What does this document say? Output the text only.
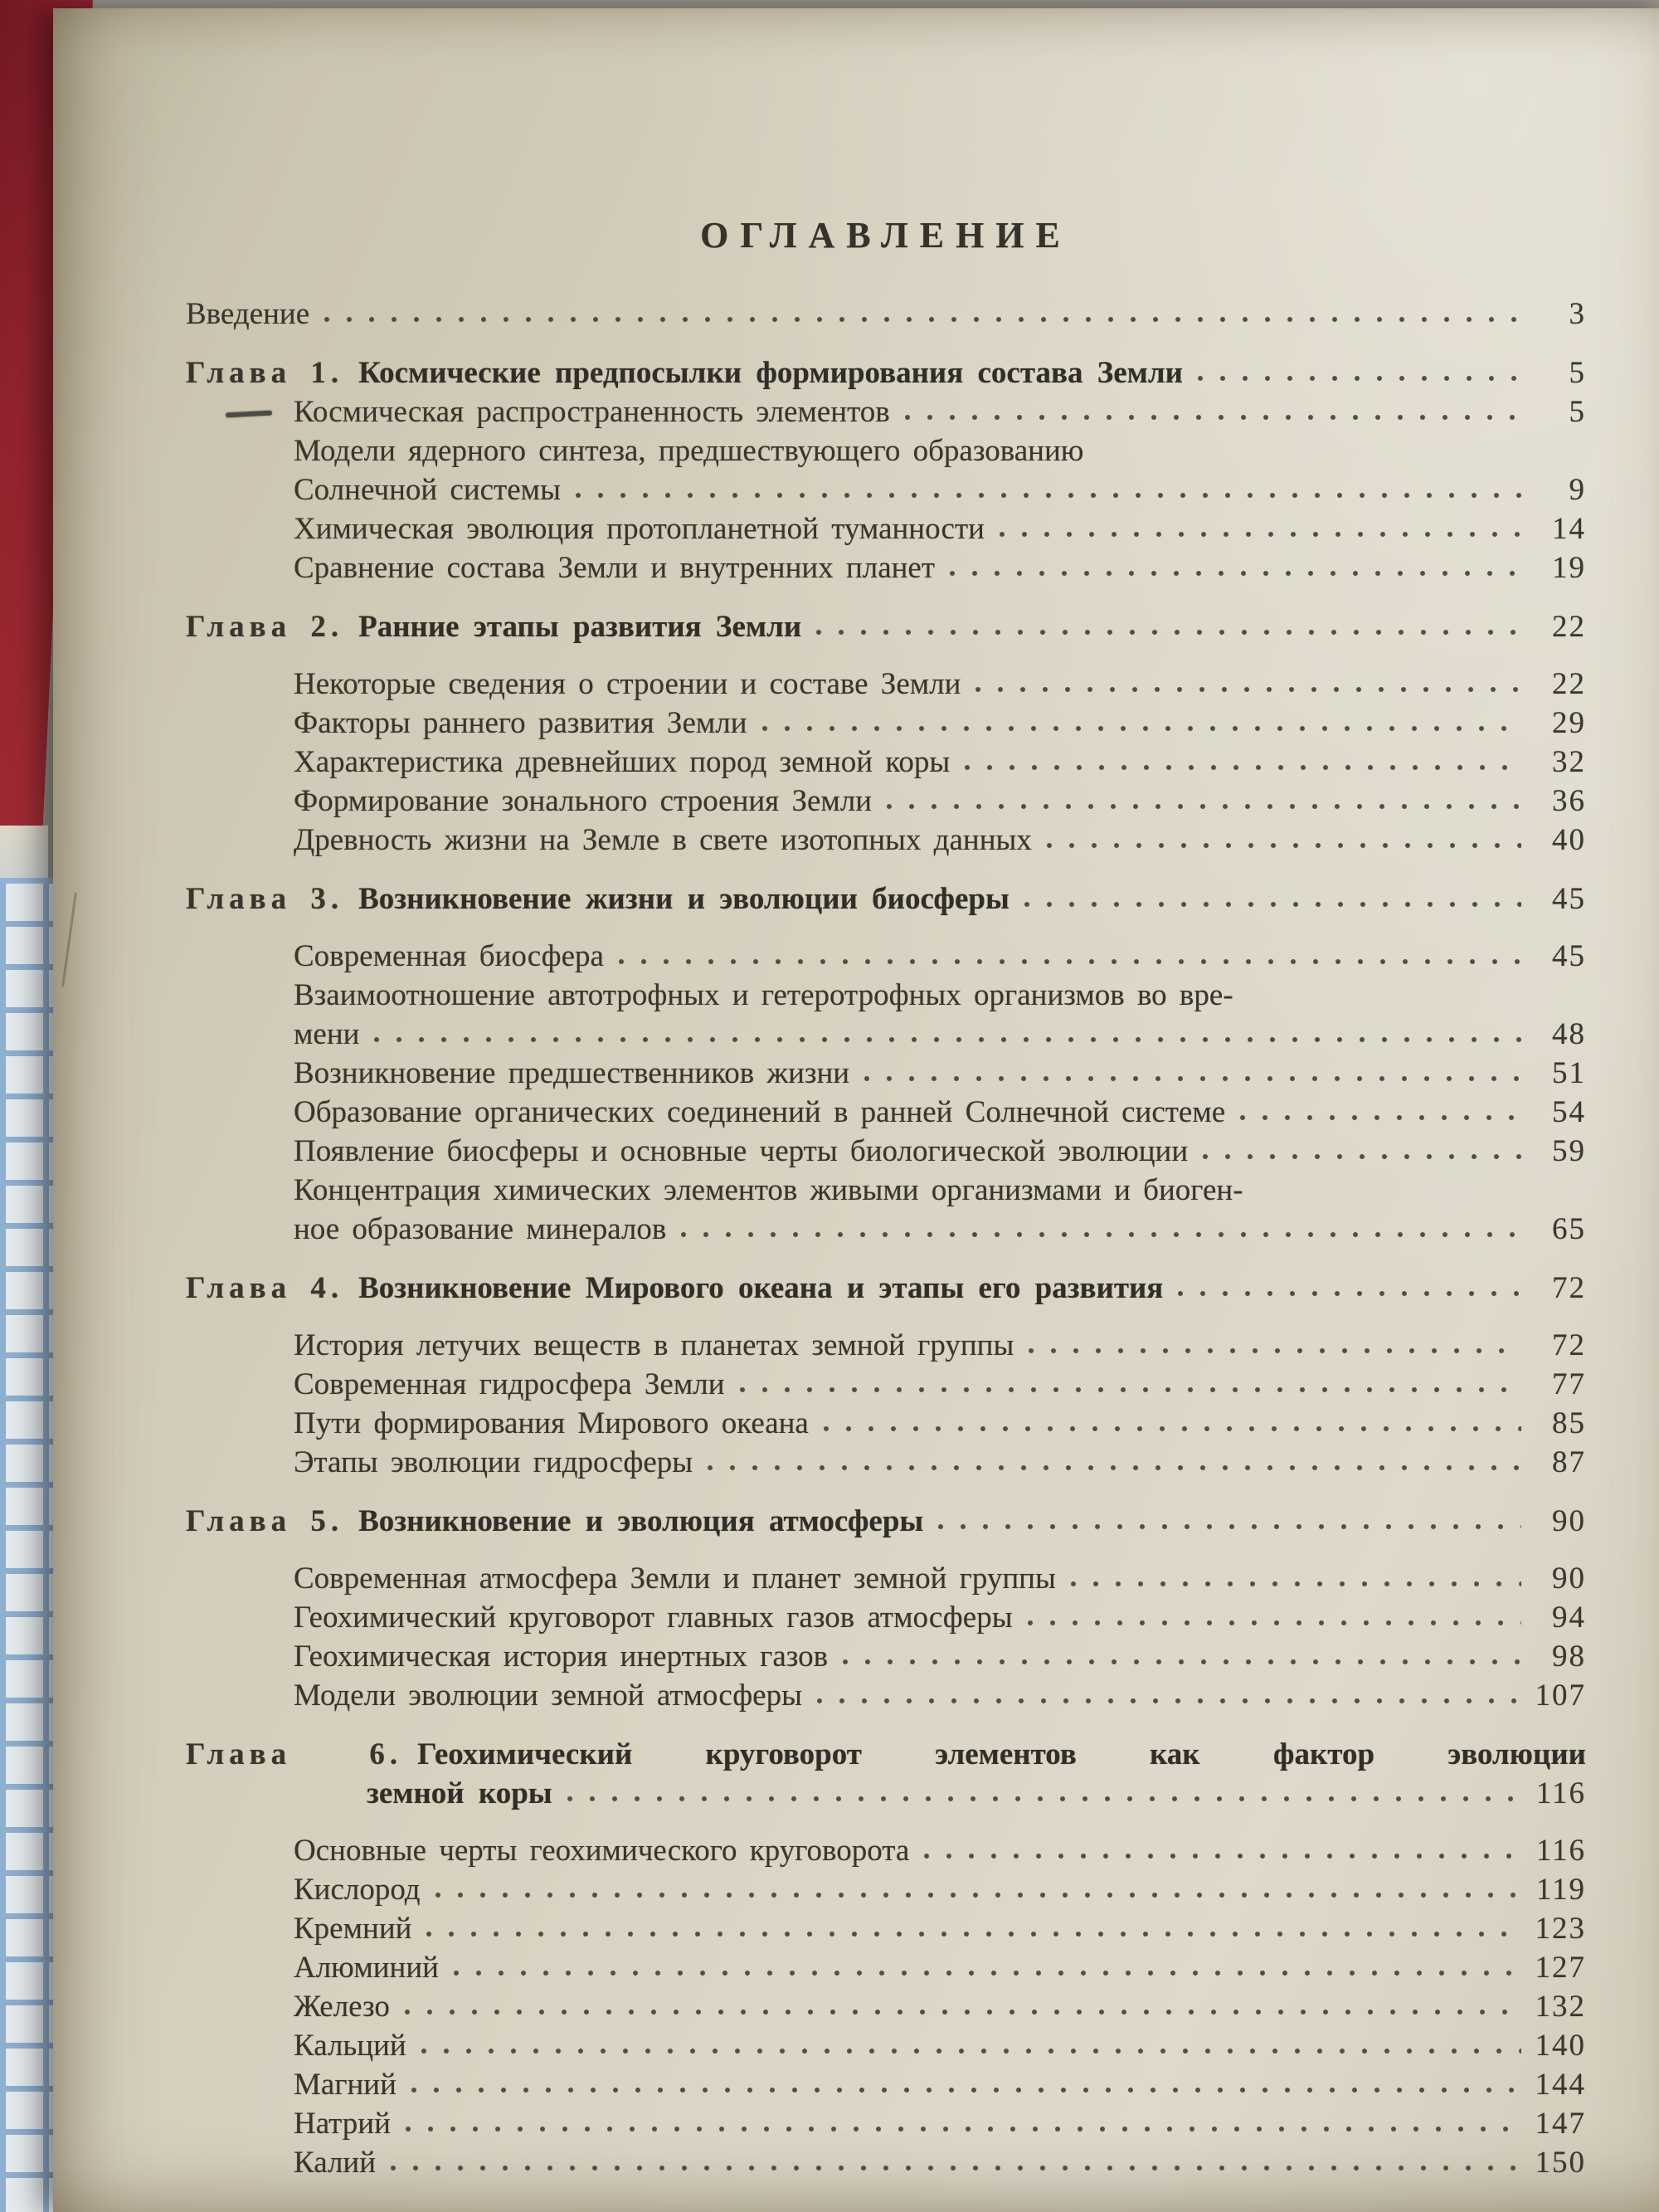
ОГЛАВЛЕНИЕ
Введение	3
Глава 1. Космические предпосылки формирования состава Земли	5
Космическая распространенность элементов	5
Модели ядерного синтеза, предшествующего образованию
Солнечной системы	9
Химическая эволюция протопланетной туманности	14
Сравнение состава Земли и внутренних планет	19
Глава 2. Ранние этапы развития Земли	22
Некоторые сведения о строении и составе Земли	22
Факторы раннего развития Земли	29
Характеристика древнейших пород земной коры	32
Формирование зонального строения Земли	36
Древность жизни на Земле в свете изотопных данных	40
Глава 3. Возникновение жизни и эволюции биосферы	45
Современная биосфера	45
Взаимоотношение автотрофных и гетеротрофных организмов во вре-
мени	48
Возникновение предшественников жизни	51
Образование органических соединений в ранней Солнечной системе	54
Появление биосферы и основные черты биологической эволюции	59
Концентрация химических элементов живыми организмами и биоген-
ное образование минералов	65
Глава 4. Возникновение Мирового океана и этапы его развития	72
История летучих веществ в планетах земной группы	72
Современная гидросфера Земли	77
Пути формирования Мирового океана	85
Этапы эволюции гидросферы	87
Глава 5. Возникновение и эволюция атмосферы	90
Современная атмосфера Земли и планет земной группы	90
Геохимический круговорот главных газов атмосферы	94
Геохимическая история инертных газов	98
Модели эволюции земной атмосферы	107
Глава 6. Геохимический круговорот элементов как фактор эволюции
земной коры	116
Основные черты геохимического круговорота	116
Кислород	119
Кремний	123
Алюминий	127
Железо	132
Кальций	140
Магний	144
Натрий	147
Калий	150
